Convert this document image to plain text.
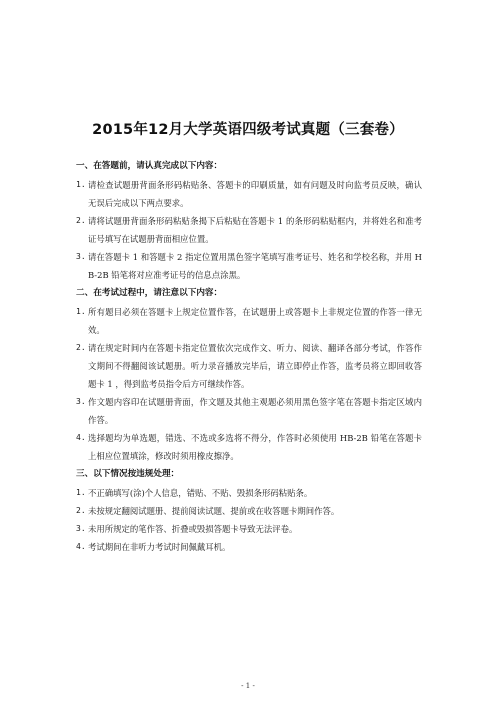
2015年12月大学英语四级考试真题（三套卷）
一、在答题前，请认真完成以下内容：
1. 请检查试题册背面条形码粘贴条、答题卡的印刷质量，如有问题及时向监考员反映，确认无误后完成以下两点要求。
2. 请将试题册背面条形码粘贴条揭下后粘贴在答题卡 1 的条形码粘贴框内，并将姓名和准考证号填写在试题册背面相应位置。
3. 请在答题卡 1 和答题卡 2 指定位置用黑色签字笔填写准考证号、姓名和学校名称，并用 HB-2B 铅笔将对应准考证号的信息点涂黑。
二、在考试过程中，请注意以下内容：
1. 所有题目必须在答题卡上规定位置作答，在试题册上或答题卡上非规定位置的作答一律无效。
2. 请在规定时间内在答题卡指定位置依次完成作文、听力、阅读、翻译各部分考试，作答作文期间不得翻阅该试题册。听力录音播放完毕后，请立即停止作答，监考员将立即回收答题卡 1 ，得到监考员指令后方可继续作答。
3. 作文题内容印在试题册背面，作文题及其他主观题必须用黑色签字笔在答题卡指定区域内作答。
4. 选择题均为单选题，错选、不选或多选将不得分，作答时必须使用 HB-2B 铅笔在答题卡上相应位置填涂，修改时须用橡皮擦净。
三、以下情况按违规处理：
1. 不正确填写(涂)个人信息，错贴、不贴、毁损条形码粘贴条。
2. 未按规定翻阅试题册、提前阅读试题、提前或在收答题卡期间作答。
3. 未用所规定的笔作答、折叠或毁损答题卡导致无法评卷。
4. 考试期间在非听力考试时间佩戴耳机。
- 1 -
